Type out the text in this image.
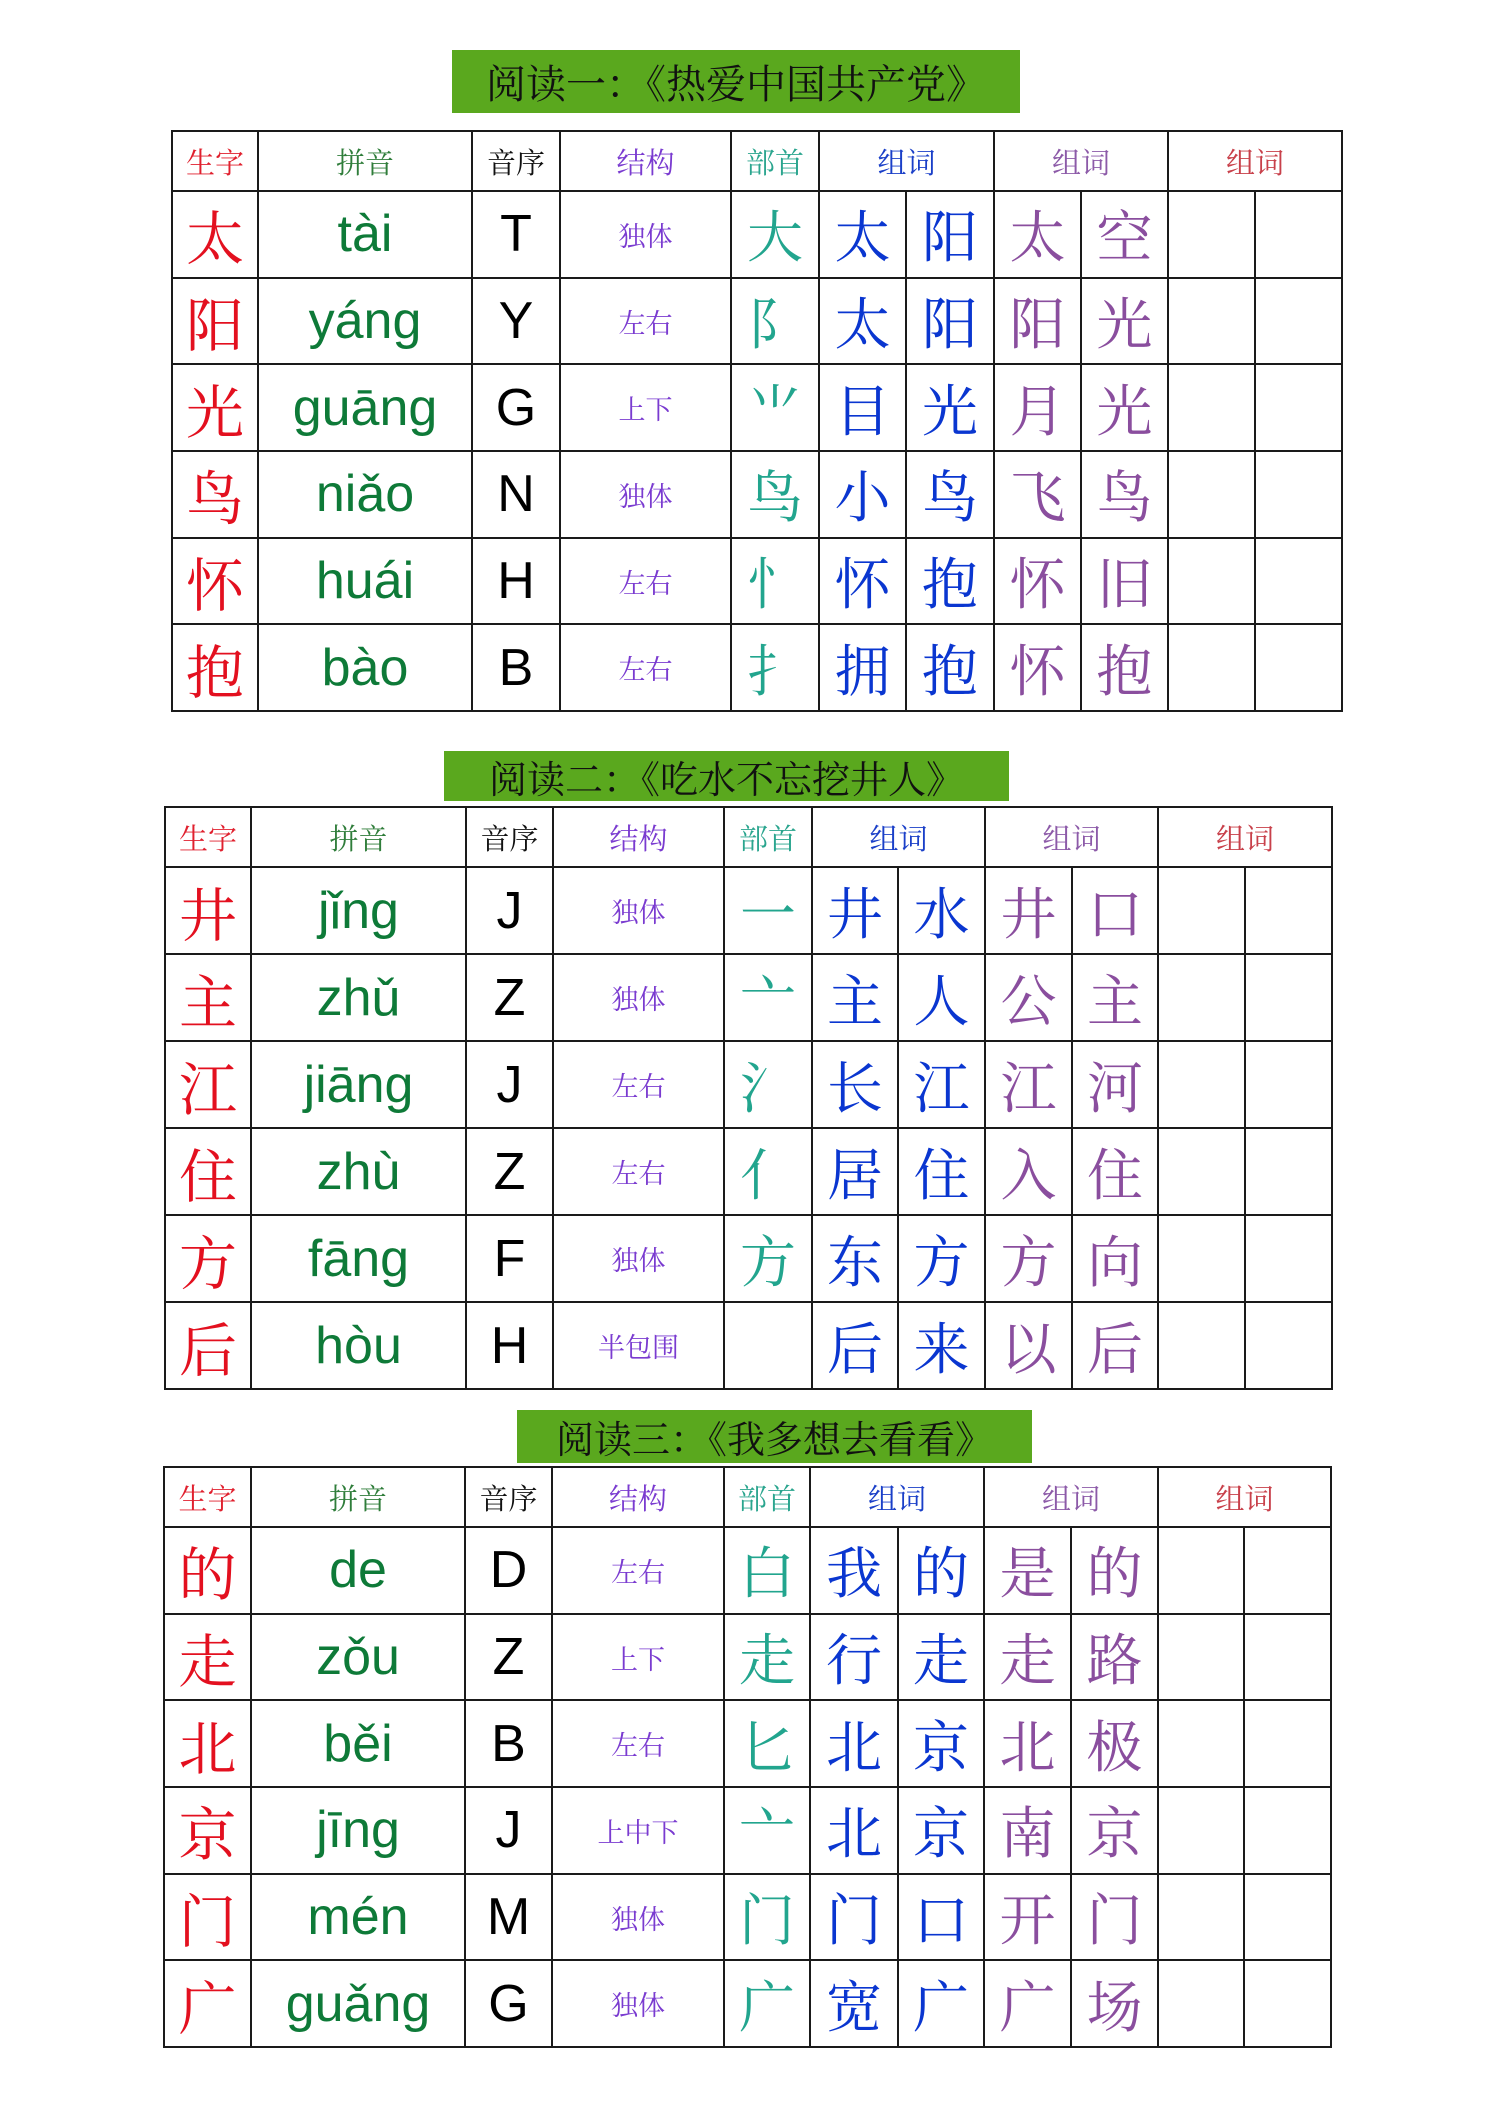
阅读一：《热爱中国共产党》
阅读二：《吃水不忘挖井人》
阅读三：《我多想去看看》
生字	拼音	音序	结构	部首	组词		组词		组词	
太	tài	T	独体	大	太	阳	太	空		
阳	yáng	Y	左右	阝	太	阳	阳	光		
光	guāng	G	上下	⺌	目	光	月	光		
鸟	niǎo	N	独体	鸟	小	鸟	飞	鸟		
怀	huái	H	左右	忄	怀	抱	怀	旧		
抱	bào	B	左右	扌	拥	抱	怀	抱		
生字	拼音	音序	结构	部首	组词		组词		组词	
井	jǐng	J	独体	一	井	水	井	口		
主	zhǔ	Z	独体	亠	主	人	公	主		
江	jiāng	J	左右	氵	长	江	江	河		
住	zhù	Z	左右	亻	居	住	入	住		
方	fāng	F	独体	方	东	方	方	向		
后	hòu	H	半包围		后	来	以	后		
生字	拼音	音序	结构	部首	组词		组词		组词	
的	de	D	左右	白	我	的	是	的		
走	zǒu	Z	上下	走	行	走	走	路		
北	běi	B	左右	匕	北	京	北	极		
京	jīng	J	上中下	亠	北	京	南	京		
门	mén	M	独体	门	门	口	开	门		
广	guǎng	G	独体	广	宽	广	广	场		
